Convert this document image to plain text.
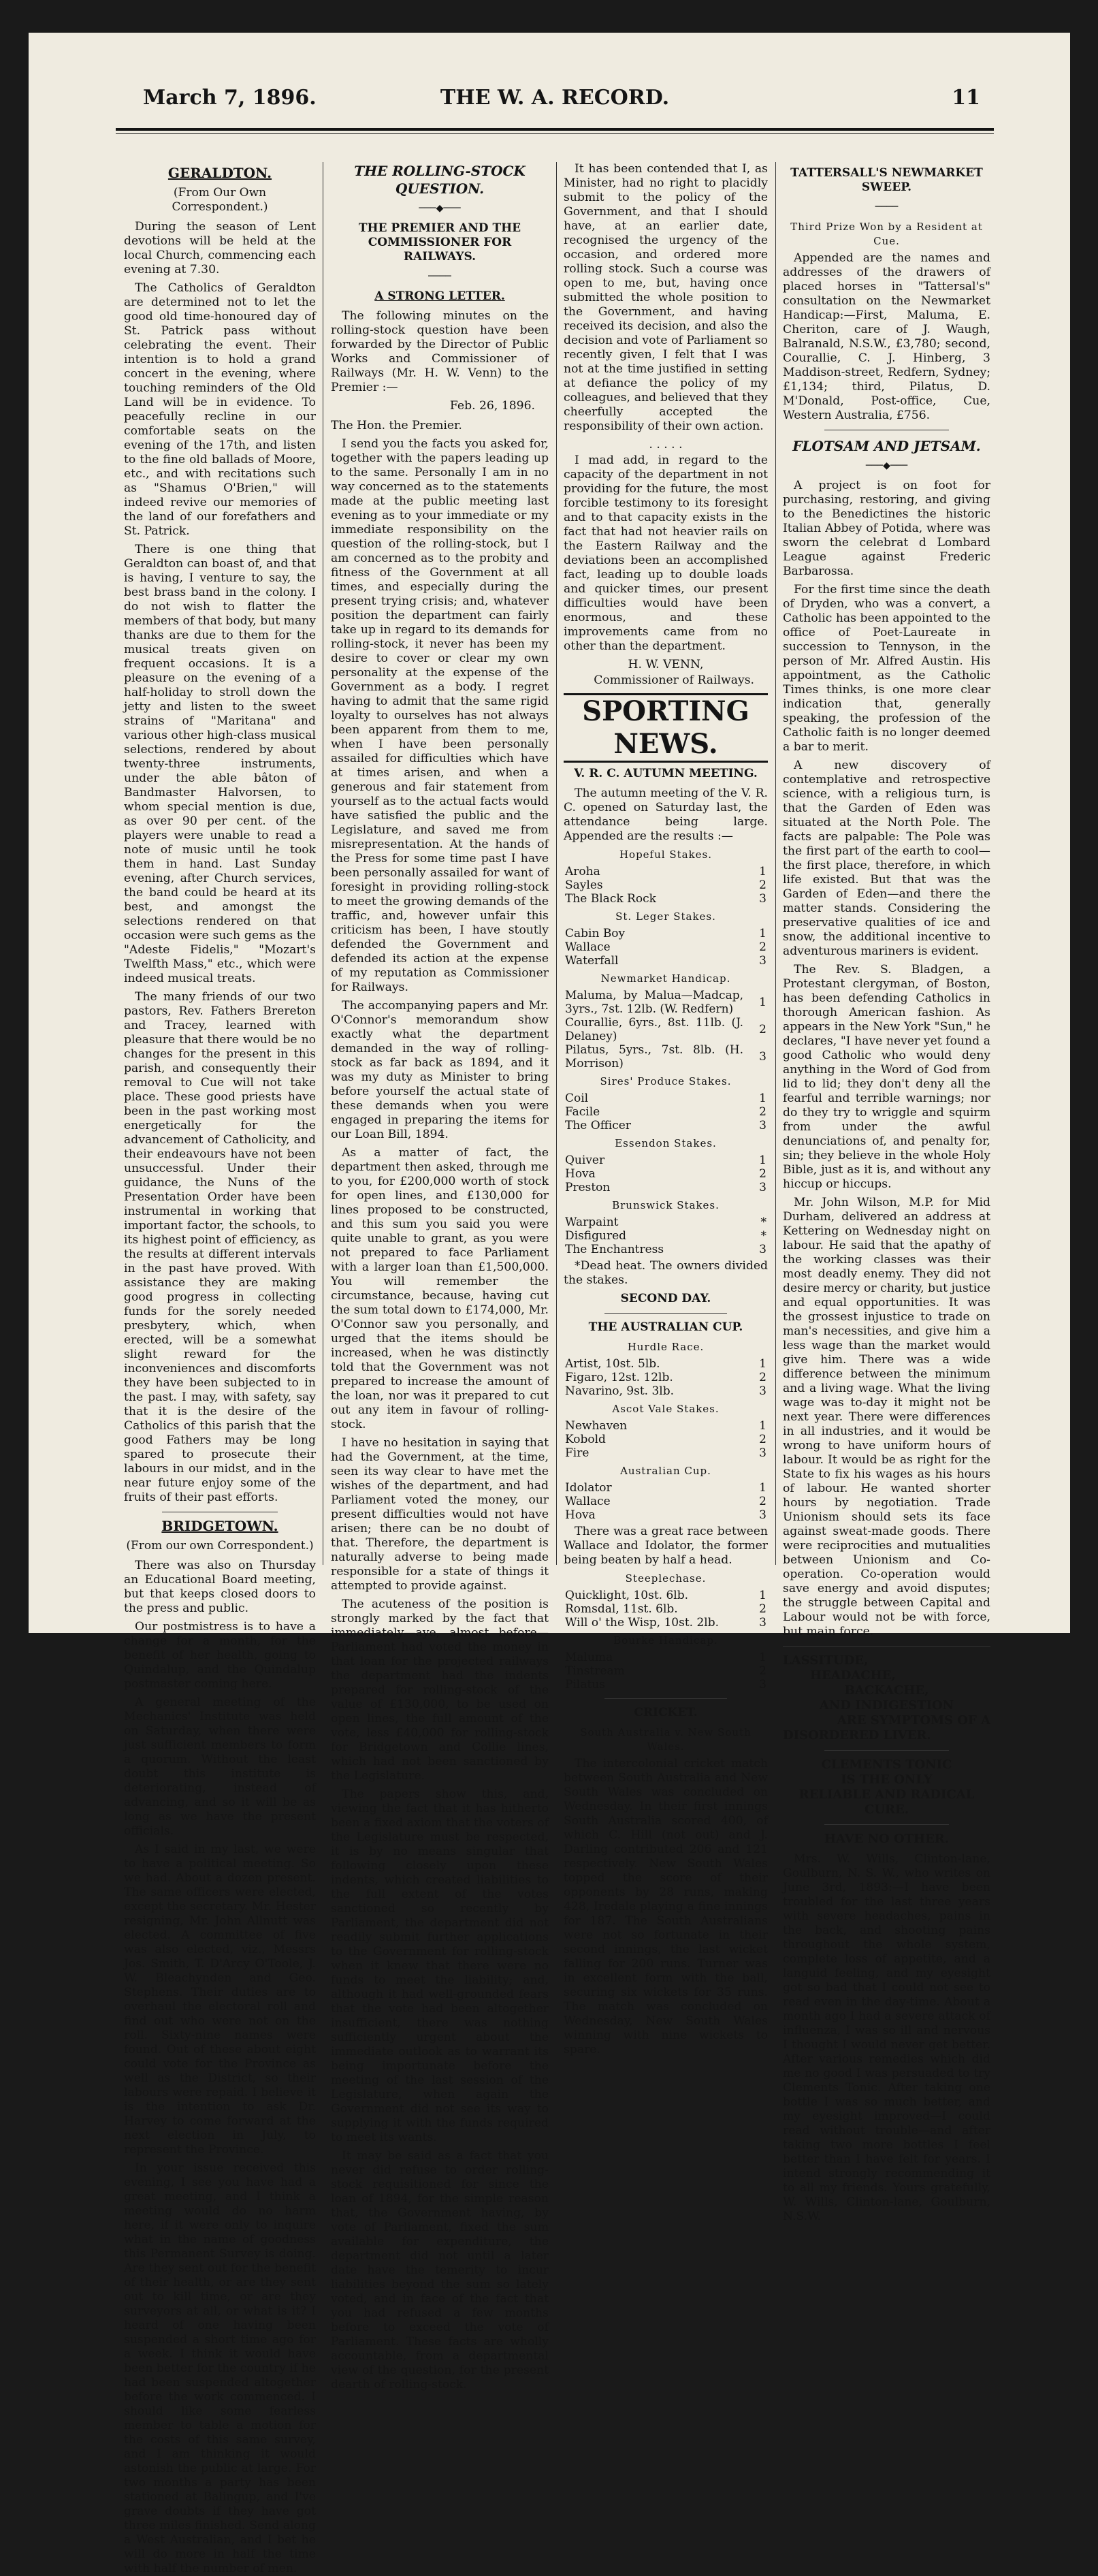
March 7, 1896.	THE W. A. RECORD.	11
GERALDTON.
(From Our Own Correspondent.)

During the season of Lent devotions will be held at the local Church, commencing each evening at 7.30.

The Catholics of Geraldton are determined not to let the good old time-honoured day of St. Patrick pass without celebrating the event. Their intention is to hold a grand concert in the evening, where touching reminders of the Old Land will be in evidence. To peacefully recline in our comfortable seats on the evening of the 17th, and listen to the fine old ballads of Moore, etc., and with recitations such as "Shamus O'Brien," will indeed revive our memories of the land of our forefathers and St. Patrick.

There is one thing that Geraldton can boast of, and that is having, I venture to say, the best brass band in the colony. I do not wish to flatter the members of that body, but many thanks are due to them for the musical treats given on frequent occasions. It is a pleasure on the evening of a half-holiday to stroll down the jetty and listen to the sweet strains of "Maritana" and various other high-class musical selections, rendered by about twenty-three instruments, under the able bâton of Bandmaster Halvorsen, to whom special mention is due, as over 90 per cent. of the players were unable to read a note of music until he took them in hand. Last Sunday evening, after Church services, the band could be heard at its best, and amongst the selections rendered on that occasion were such gems as the "Adeste Fidelis," "Mozart's Twelfth Mass," etc., which were indeed musical treats.

The many friends of our two pastors, Rev. Fathers Brereton and Tracey, learned with pleasure that there would be no changes for the present in this parish, and consequently their removal to Cue will not take place. These good priests have been in the past working most energetically for the advancement of Catholicity, and their endeavours have not been unsuccessful. Under their guidance, the Nuns of the Presentation Order have been instrumental in working that important factor, the schools, to its highest point of efficiency, as the results at different intervals in the past have proved. With assistance they are making good progress in collecting funds for the sorely needed presbytery, which, when erected, will be a somewhat slight reward for the inconveniences and discomforts they have been subjected to in the past. I may, with safety, say that it is the desire of the Catholics of this parish that the good Fathers may be long spared to prosecute their labours in our midst, and in the near future enjoy some of the fruits of their past efforts.

BRIDGETOWN.
(From our own Correspondent.)

There was also on Thursday an Educational Board meeting, but that keeps closed doors to the press and public.

Our postmistress is to have a change for a month, for the benefit of her health, going to Quindalup, and the Quindalup postmaster coming here.

A general meeting of the Mechanics' Institute was held on Saturday, when there were just sufficient members to form a quorum. Without the least doubt this institute is deteriorating, instead of advancing, and so it will be as long as we have the present officials.

As I said in my last, we were to have a political meeting. So we had. About a dozen present. The same officers were elected, except the secretary. Mr. Hester resigning, Mr. John Allnutt was elected. A committee of five was also elected, viz., Messrs Jos. Smith, T. D'Arcy O'Toole, J. W. Bleachynden and Geo. Stephens. Their duties are to overhaul the electoral roll and find out who were not on the roll. Sixty-nine names were found. Out of these about eight could vote for the Province as well as the District, so their labours were repaid. I believe it is the intention to ask Dr. Harvey to come forward at the next election in July, to represent the Province.

In your issue received this evening, I see you have had a great meeting, and I think a meeting would do no harm here, if it were only to inquire what in the name of goodness this Permanent Survey is doing. Are they sent out for the benefit of their health, or are they sent out to kill time, or are they surveyors at all, or what is it? I heard of one having been suspended a short time ago for a week. I think it would have been better for the country if he had been suspended altogether before the work commenced. I should like some fearless member to table a motion for the costs of this same survey, and I am thinking it would astonish the public at large. For two months a party has been stationed at Balingup, and I've grave doubts if they have got three miles finished. Send along a West Australian, and I bet he will do more in half the time with half the number of men.

THE ROLLING-STOCK QUESTION.
───◆───
THE PREMIER AND THE COMMISSIONER FOR RAILWAYS.
────
A STRONG LETTER.

The following minutes on the rolling-stock question have been forwarded by the Director of Public Works and Commissioner of Railways (Mr. H. W. Venn) to the Premier :—

Feb. 26, 1896.
The Hon. the Premier.

I send you the facts you asked for, together with the papers leading up to the same. Personally I am in no way concerned as to the statements made at the public meeting last evening as to your immediate or my immediate responsibility on the question of the rolling-stock, but I am concerned as to the probity and fitness of the Government at all times, and especially during the present trying crisis; and, whatever position the department can fairly take up in regard to its demands for rolling-stock, it never has been my desire to cover or clear my own personality at the expense of the Government as a body. I regret having to admit that the same rigid loyalty to ourselves has not always been apparent from them to me, when I have been personally assailed for difficulties which have at times arisen, and when a generous and fair statement from yourself as to the actual facts would have satisfied the public and the Legislature, and saved me from misrepresentation. At the hands of the Press for some time past I have been personally assailed for want of foresight in providing rolling-stock to meet the growing demands of the traffic, and, however unfair this criticism has been, I have stoutly defended the Government and defended its action at the expense of my reputation as Commissioner for Railways.

The accompanying papers and Mr. O'Connor's memorandum show exactly what the department demanded in the way of rolling-stock as far back as 1894, and it was my duty as Minister to bring before yourself the actual state of these demands when you were engaged in preparing the items for our Loan Bill, 1894.

As a matter of fact, the department then asked, through me to you, for £200,000 worth of stock for open lines, and £130,000 for lines proposed to be constructed, and this sum you said you were quite unable to grant, as you were not prepared to face Parliament with a larger loan than £1,500,000. You will remember the circumstance, because, having cut the sum total down to £174,000, Mr. O'Connor saw you personally, and urged that the items should be increased, when he was distinctly told that the Government was not prepared to increase the amount of the loan, nor was it prepared to cut out any item in favour of rolling-stock.

I have no hesitation in saying that had the Government, at the time, seen its way clear to have met the wishes of the department, and had Parliament voted the money, our present difficulties would not have arisen; there can be no doubt of that. Therefore, the department is naturally adverse to being made responsible for a state of things it attempted to provide against.

The acuteness of the position is strongly marked by the fact that immediately—aye, almost before—Parliament had voted the money in that loan for the projected railways the department had the indents prepared for rolling-stock of the value of £130,000, to be used on open lines, the full amount of the vote, less £40,000 for rolling-stock for Bridgetown and Collie lines, which had not been sanctioned by the Legislature.

The papers show this, and, viewing the fact that it has hitherto been a fixed axiom that the voters of the Legislature must be respected, it is by no means singular that following closely upon these indents, which created liabilities to the full extent of the votes sanctioned so recently by Parliament, the department did not readily submit further applications to the Government for rolling-stock when it knew that there were no funds to meet the liability; and, although it had well-grounded fears that the vote had been altogether insufficient, there was nothing sufficiently urgent about the immediate outlook as to warrant its being importunate before the meeting of the last session of the Legislature, when again the Government did not see its way to supplying it with the funds required to meet its wants.

It may be said as a fact that you never did refuse to order rolling-stock requisitioned for since the loan of 1894, for the simple reason that, the Government having, by vote of Parliament, fixed the sum available for expenditure, the department did not until a later date have the temerity to incur liabilities beyond the sum so lately voted, and in face of the fact that you had refused a few months before to exceed the vote of Parliament. These facts are wholly accountable, from a departmental view of the question, for the present dearth of rolling-stock.

It has been contended that I, as Minister, had no right to placidly submit to the policy of the Government, and that I should have, at an earlier date, recognised the urgency of the occasion, and ordered more rolling stock. Such a course was open to me, but, having once submitted the whole position to the Government, and having received its decision, and also the decision and vote of Parliament so recently given, I felt that I was not at the time justified in setting at defiance the policy of my colleagues, and believed that they cheerfully accepted the responsibility of their own action.

. . . . .

I mad add, in regard to the capacity of the department in not providing for the future, the most forcible testimony to its foresight and to that capacity exists in the fact that had not heavier rails on the Eastern Railway and the deviations been an accomplished fact, leading up to double loads and quicker times, our present difficulties would have been enormous, and these improvements came from no other than the department.

H. W. VENN,
Commissioner of Railways.
SPORTING NEWS.
V. R. C. AUTUMN MEETING.

The autumn meeting of the V. R. C. opened on Saturday last, the attendance being large. Appended are the results :—

Hopeful Stakes.
Aroha	1
Sayles	2
The Black Rock	3
St. Leger Stakes.
Cabin Boy	1
Wallace	2
Waterfall	3
Newmarket Handicap.
Maluma, by Malua—Madcap, 3yrs., 7st. 12lb. (W. Redfern)	1
Courallie, 6yrs., 8st. 11lb. (J. Delaney)	2
Pilatus, 5yrs., 7st. 8lb. (H. Morrison)	3
Sires' Produce Stakes.
Coil	1
Facile	2
The Officer	3
Essendon Stakes.
Quiver	1
Hova	2
Preston	3
Brunswick Stakes.
Warpaint	*
Disfigured	*
The Enchantress	3

*Dead heat. The owners divided the stakes.

SECOND DAY.
THE AUSTRALIAN CUP.
Hurdle Race.
Artist, 10st. 5lb.	1
Figaro, 12st. 12lb.	2
Navarino, 9st. 3lb.	3
Ascot Vale Stakes.
Newhaven	1
Kobold	2
Fire	3
Australian Cup.
Idolator	1
Wallace	2
Hova	3

There was a great race between Wallace and Idolator, the former being beaten by half a head.

Steeplechase.
Quicklight, 10st. 6lb.	1
Romsdal, 11st. 6lb.	2
Will o' the Wisp, 10st. 2lb.	3
Bourke Handicap.
Maluma	1
Tinstream	2
Pilatus	3
CRICKET.
South Australia v. New South Wales.

The intercolonial cricket match between South Australia and New South Wales was concluded on Wednesday. In their first innings South Australia scored 400, of which C. Hill (not out) and J. Darling contributed 206 and 121 respectively. New South Wales topped the score of their opponents by 28 runs, making 428, Iredale playing a fine innings for 187. The South Australians were not so fortunate in their second innings, the last wicket falling for 200 runs. Turner was in excellent form with the ball, securing six wickets for 35 runs. The match was concluded on Wednesday, New South Wales winning with nine wickets to spare.

TATTERSALL'S NEWMARKET SWEEP.
────
Third Prize Won by a Resident at Cue.

Appended are the names and addresses of the drawers of placed horses in "Tattersal's" consultation on the Newmarket Handicap:—First, Maluma, E. Cheriton, care of J. Waugh, Balranald, N.S.W., £3,780; second, Courallie, C. J. Hinberg, 3 Maddison-street, Redfern, Sydney; £1,134; third, Pilatus, D. M'Donald, Post-office, Cue, Western Australia, £756.

FLOTSAM AND JETSAM.
───◆───

A project is on foot for purchasing, restoring, and giving to the Benedictines the historic Italian Abbey of Potida, where was sworn the celebrat d Lombard League against Frederic Barbarossa.

For the first time since the death of Dryden, who was a convert, a Catholic has been appointed to the office of Poet-Laureate in succession to Tennyson, in the person of Mr. Alfred Austin. His appointment, as the Catholic Times thinks, is one more clear indication that, generally speaking, the profession of the Catholic faith is no longer deemed a bar to merit.

A new discovery of contemplative and retrospective science, with a religious turn, is that the Garden of Eden was situated at the North Pole. The facts are palpable: The Pole was the first part of the earth to cool—the first place, therefore, in which life existed. But that was the Garden of Eden—and there the matter stands. Considering the preservative qualities of ice and snow, the additional incentive to adventurous mariners is evident.

The Rev. S. Bladgen, a Protestant clergyman, of Boston, has been defending Catholics in thorough American fashion. As appears in the New York "Sun," he declares, "I have never yet found a good Catholic who would deny anything in the Word of God from lid to lid; they don't deny all the fearful and terrible warnings; nor do they try to wriggle and squirm from under the awful denunciations of, and penalty for, sin; they believe in the whole Holy Bible, just as it is, and without any hiccup or hiccups.

Mr. John Wilson, M.P. for Mid Durham, delivered an address at Kettering on Wednesday night on labour. He said that the apathy of the working classes was their most deadly enemy. They did not desire mercy or charity, but justice and equal opportunities. It was the grossest injustice to trade on man's necessities, and give him a less wage than the market would give him. There was a wide difference between the minimum and a living wage. What the living wage was to-day it might not be next year. There were differences in all industries, and it would be wrong to have uniform hours of labour. It would be as right for the State to fix his wages as his hours of labour. He wanted shorter hours by negotiation. Trade Unionism should sets its face against sweat-made goods. There were reciprocities and mutualities between Unionism and Co-operation. Co-operation would save energy and avoid disputes; the struggle between Capital and Labour would not be with force, but main force.

LASSITUDE,
HEADACHE,
BACKACHE,
AND INDIGESTION
ARE SYMPTOMS OF A
DISORDERED LIVER.
CLEMENTS TONIC
IS THE ONLY
RELIABLE AND RADICAL CURE.
HAVE NO OTHER.

Mrs. W. Wills, Clinton-lane, Goulburn, N. S. W., who writes on June 3rd, 1893:—I have been troubled for the last three years with severe headaches, pains in the back, and shooting pains throughout the whole system, complete loss of appetite, and a languid feeling, and my eyesight got so bad that I could not see to read even in the day-time. About a month ago I had a severe attack of influenza, I was so ill and nervous I thought I would never get better. After various remedies which did me no good I was persuaded to try Clements Tonic. After taking one bottle I was so much better, and my eyesight improved—I could read without trouble—and after taking two more bottles I feel better than I have felt for years. I intend strongly recommending it to all my friends. Yours gratefully, W. Wills, Clinton-lane, Goulburn, N.S.W.
